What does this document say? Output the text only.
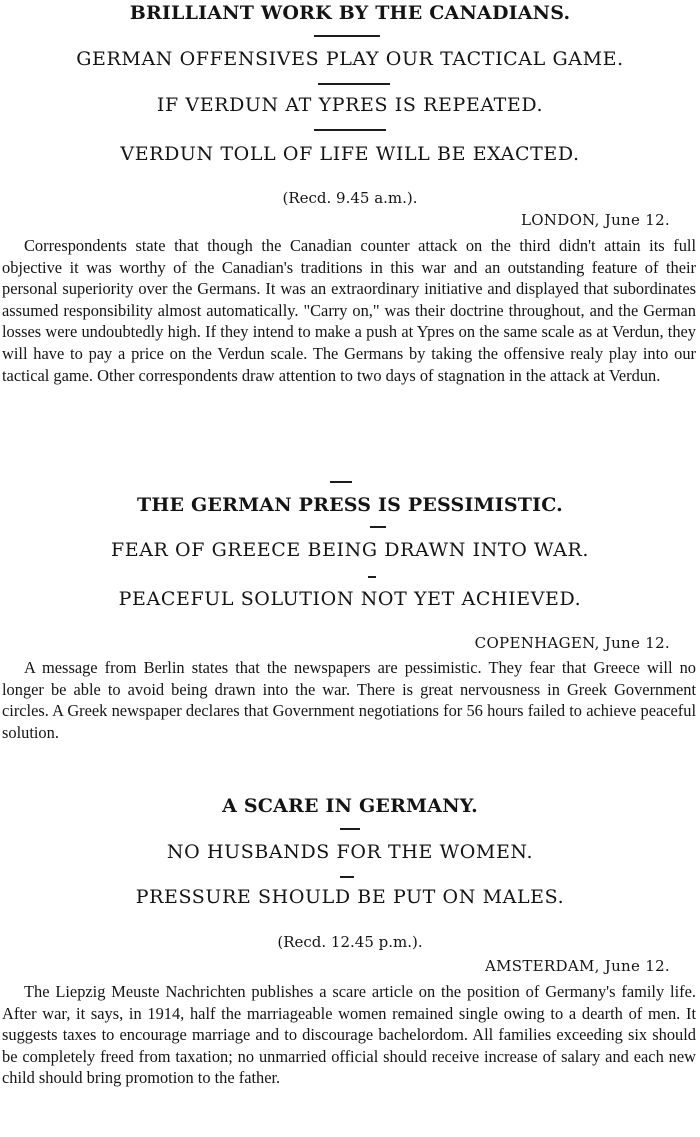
BRILLIANT WORK BY THE CANADIANS.
GERMAN OFFENSIVES PLAY OUR TACTICAL GAME.
IF VERDUN AT YPRES IS REPEATED.
VERDUN TOLL OF LIFE WILL BE EXACTED.
(Recd. 9.45 a.m.).
LONDON, June 12.

Correspondents state that though the Canadian counter attack on the third didn't attain its full objective it was worthy of the Canadian's traditions in this war and an outstanding feature of their personal superiority over the Germans. It was an extraordinary initiative and displayed that subordinates assumed responsibility almost automatically. "Carry on," was their doctrine throughout, and the German losses were undoubtedly high. If they intend to make a push at Ypres on the same scale as at Verdun, they will have to pay a price on the Verdun scale. The Germans by taking the offensive realy play into our tactical game. Other correspondents draw attention to two days of stagnation in the attack at Verdun.

THE GERMAN PRESS IS PESSIMISTIC.
FEAR OF GREECE BEING DRAWN INTO WAR.
PEACEFUL SOLUTION NOT YET ACHIEVED.
COPENHAGEN, June 12.

A message from Berlin states that the newspapers are pessimistic. They fear that Greece will no longer be able to avoid being drawn into the war. There is great nervousness in Greek Government circles. A Greek newspaper declares that Government negotiations for 56 hours failed to achieve peaceful solution.

A SCARE IN GERMANY.
NO HUSBANDS FOR THE WOMEN.
PRESSURE SHOULD BE PUT ON MALES.
(Recd. 12.45 p.m.).
AMSTERDAM, June 12.

The Liepzig Meuste Nachrichten publishes a scare article on the position of Germany's family life. After war, it says, in 1914, half the marriageable women remained single owing to a dearth of men. It suggests taxes to encourage marriage and to discourage bachelordom. All families exceeding six should be completely freed from taxation; no unmarried official should receive increase of salary and each new child should bring promotion to the father.
